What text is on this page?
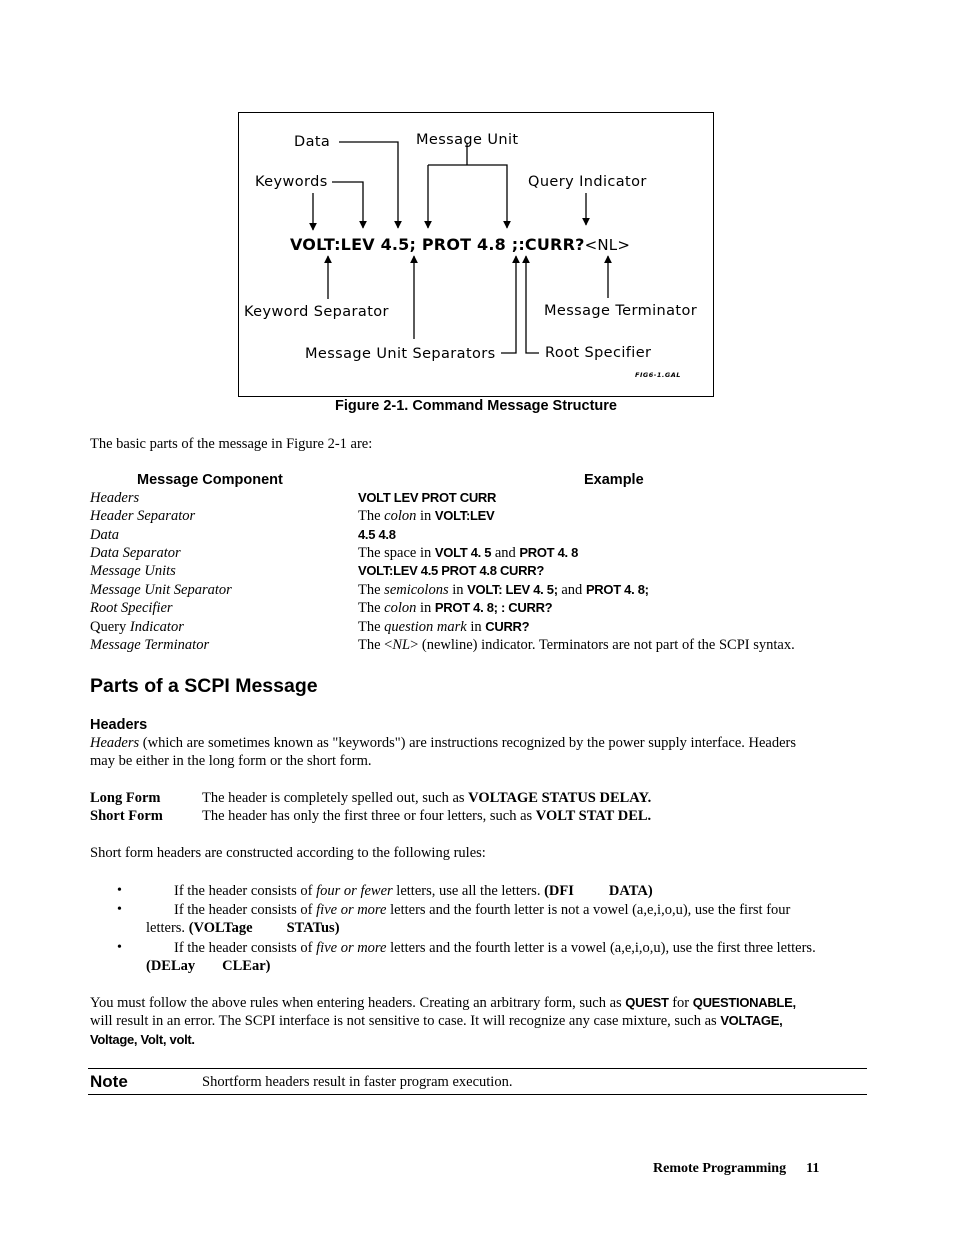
Data	Message Unit
Keywords	Query Indicator
Keyword Separator	Message Terminator
Message Unit Separators	Root Specifier
VOLT:LEV 4.5; PROT 4.8 ;:CURR?<NL>
FIG6-1.GAL
Figure 2-1. Command Message Structure
The basic parts of the message in Figure 2-1 are:
Message Component	Example
Headers	VOLT LEV PROT CURR
Header Separator	The colon in VOLT:LEV
Data	4.5 4.8
Data Separator	The space in VOLT 4. 5 and PROT 4. 8
Message Units	VOLT:LEV 4.5 PROT 4.8 CURR?
Message Unit Separator	The semicolons in VOLT: LEV 4. 5; and PROT 4. 8;
Root Specifier	The colon in PROT 4. 8; : CURR?
Query Indicator	The question mark in CURR?
Message Terminator	The <NL> (newline) indicator. Terminators are not part of the SCPI syntax.
Parts of a SCPI Message
Headers
Headers (which are sometimes known as "keywords") are instructions recognized by the power supply interface. Headers
may be either in the long form or the short form.
Long Form	The header is completely spelled out, such as VOLTAGE STATUS DELAY.
Short Form	The header has only the first three or four letters, such as VOLT STAT DEL.
Short form headers are constructed according to the following rules:
•	If the header consists of four or fewer letters, use all the letters. (DFI DATA)
•	If the header consists of five or more letters and the fourth letter is not a vowel (a,e,i,o,u), use the first four
letters. (VOLTage STATus)
•	If the header consists of five or more letters and the fourth letter is a vowel (a,e,i,o,u), use the first three letters.
(DELay CLEar)
You must follow the above rules when entering headers. Creating an arbitrary form, such as QUEST for QUESTIONABLE,
will result in an error. The SCPI interface is not sensitive to case. It will recognize any case mixture, such as VOLTAGE,
Voltage, Volt, volt.
Note	Shortform headers result in faster program execution.
Remote Programming 11
